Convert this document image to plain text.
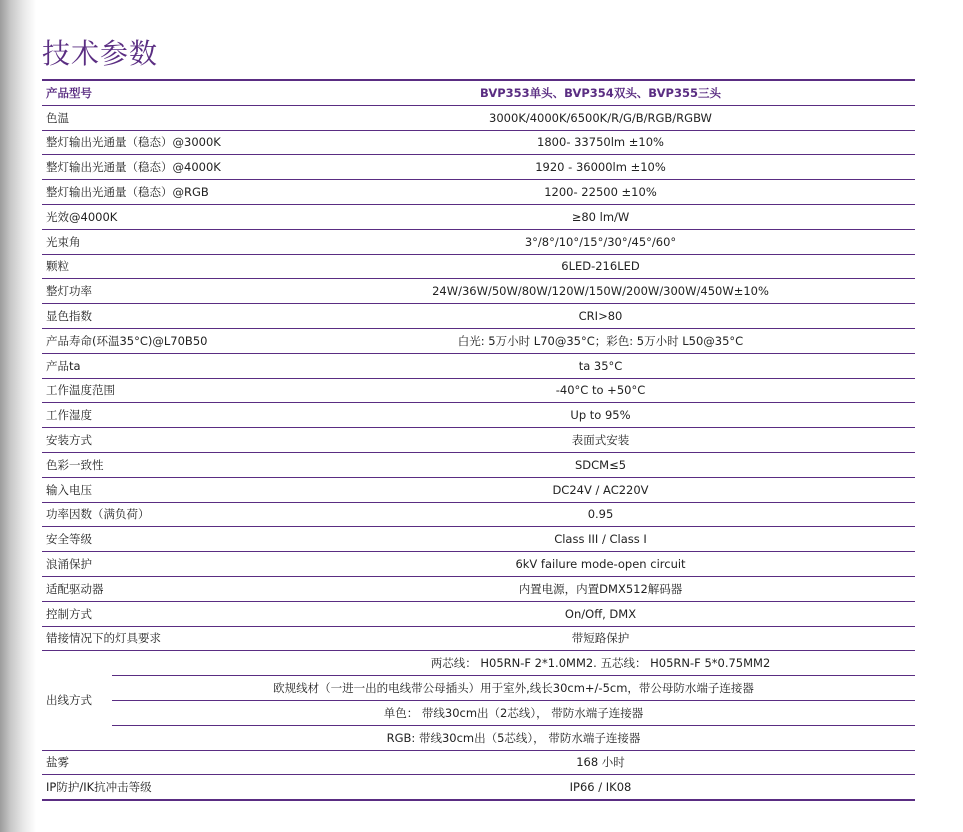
技术参数
产品型号		BVP353单头、BVP354双头、BVP355三头
色温		3000K/4000K/6500K/R/G/B/RGB/RGBW
整灯输出光通量（稳态）@3000K		1800- 33750lm ±10%
整灯输出光通量（稳态）@4000K		1920 - 36000lm ±10%
整灯输出光通量（稳态）@RGB		1200- 22500 ±10%
光效@4000K		≥80 lm/W
光束角		3°/8°/10°/15°/30°/45°/60°
颗粒		6LED-216LED
整灯功率		24W/36W/50W/80W/120W/150W/200W/300W/450W±10%
显色指数		CRI>80
产品寿命(环温35°C)@L70B50		白光: 5万小时 L70@35°C；彩色: 5万小时 L50@35°C
产品ta		ta 35°C
工作温度范围		-40°C to +50°C
工作湿度		Up to 95%
安装方式		表面式安装
色彩一致性		SDCM≤5
输入电压		DC24V / AC220V
功率因数（满负荷）		0.95
安全等级		Class III / Class I
浪涌保护		6kV failure mode-open circuit
适配驱动器		内置电源，内置DMX512解码器
控制方式		On/Off, DMX
错接情况下的灯具要求		带短路保护
出线方式		两芯线： H05RN-F 2*1.0MM2. 五芯线： H05RN-F 5*0.75MM2
	欧规线材（一进一出的电线带公母插头）用于室外,线长30cm+/-5cm，带公母防水端子连接器	
	单色： 带线30cm出（2芯线）， 带防水端子连接器	
	RGB: 带线30cm出（5芯线）， 带防水端子连接器	
盐雾		168 小时
IP防护/IK抗冲击等级		IP66 / IK08
